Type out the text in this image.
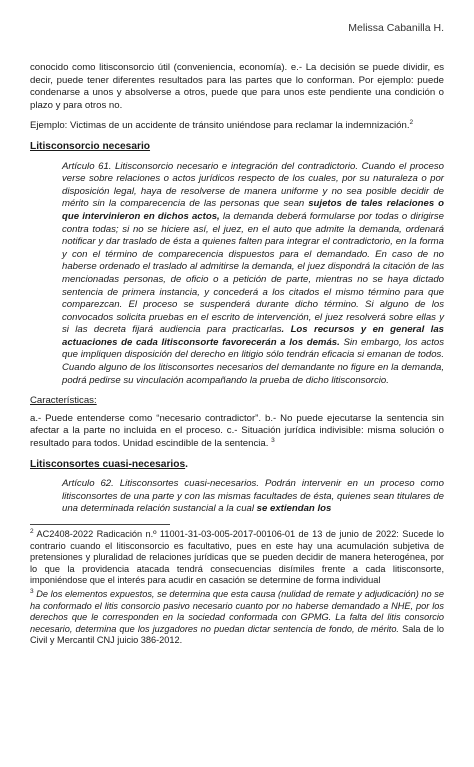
Melissa Cabanilla H.

conocido como litisconsorcio útil (conveniencia, economía). e.- La decisión se puede dividir, es decir, puede tener diferentes resultados para las partes que lo conforman. Por ejemplo: puede condenarse a unos y absolverse a otros, puede que para unos este pendiente una condición o plazo y para otros no.

Ejemplo: Victimas de un accidente de tránsito uniéndose para reclamar la indemnización.$^2$

Litisconsorcio necesario

Artículo 61. Litisconsorcio necesario e integración del contradictorio. Cuando el proceso verse sobre relaciones o actos jurídicos respecto de los cuales, por su naturaleza o por disposición legal, haya de resolverse de manera uniforme y no sea posible decidir de mérito sin la comparecencia de las personas que sean sujetos de tales relaciones o que intervinieron en dichos actos, la demanda deberá formularse por todas o dirigirse contra todas; si no se hiciere así, el juez, en el auto que admite la demanda, ordenará notificar y dar traslado de ésta a quienes falten para integrar el contradictorio, en la forma y con el término de comparecencia dispuestos para el demandado. En caso de no haberse ordenado el traslado al admitirse la demanda, el juez dispondrá la citación de las mencionadas personas, de oficio o a petición de parte, mientras no se haya dictado sentencia de primera instancia, y concederá a los citados el mismo término para que comparezcan. El proceso se suspenderá durante dicho término. Si alguno de los convocados solicita pruebas en el escrito de intervención, el juez resolverá sobre ellas y si las decreta fijará audiencia para practicarlas. Los recursos y en general las actuaciones de cada litisconsorte favorecerán a los demás. Sin embargo, los actos que impliquen disposición del derecho en litigio sólo tendrán eficacia si emanan de todos. Cuando alguno de los litisconsortes necesarios del demandante no figure en la demanda, podrá pedirse su vinculación acompañando la prueba de dicho litisconsorcio.

Características:

a.- Puede entenderse como “necesario contradictor”. b.- No puede ejecutarse la sentencia sin afectar a la parte no incluida en el proceso. c.- Situación jurídica indivisible: misma solución o resultado para todos. Unidad escindible de la sentencia. $^3$

Litisconsortes cuasi-necesarios.

Artículo 62. Litisconsortes cuasi-necesarios. Podrán intervenir en un proceso como litisconsortes de una parte y con las mismas facultades de ésta, quienes sean titulares de una determinada relación sustancial a la cual se extiendan los

$^2$ AC2408-2022 Radicación n.º 11001-31-03-005-2017-00106-01 de 13 de junio de 2022: Sucede lo contrario cuando el litisconsorcio es facultativo, pues en este hay una acumulación subjetiva de pretensiones y pluralidad de relaciones jurídicas que se pueden decidir de manera heterogénea, por lo que la providencia atacada tendrá consecuencias disímiles frente a cada litisconsorte, imponiéndose que el interés para acudir en casación se determine de forma individual

$^3$ De los elementos expuestos, se determina que esta causa (nulidad de remate y adjudicación) no se ha conformado el litis consorcio pasivo necesario cuanto por no haberse demandado a NHE, por los derechos que le corresponden en la sociedad conformada con GPMG. La falta del litis consorcio necesario, determina que los juzgadores no puedan dictar sentencia de fondo, de mérito. Sala de lo Civil y Mercantil CNJ juicio 386-2012.
